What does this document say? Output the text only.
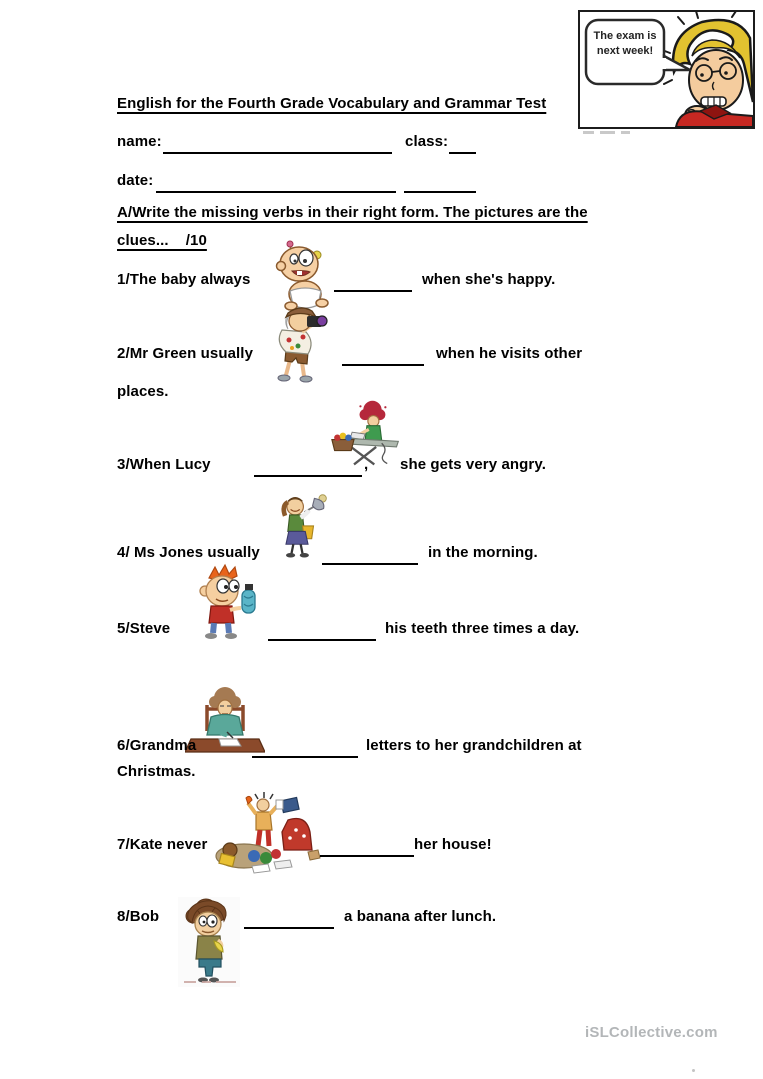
The exam is next week!
English for the Fourth Grade Vocabulary and Grammar Test
name:	class:
date:
A/Write the missing verbs in their right form. The pictures are the
clues...    /10
1/The baby always	when she's happy.
2/Mr Green usually	when he visits other
places.
3/When Lucy	, she gets very angry.
4/ Ms Jones usually	in the morning.
5/Steve	his teeth three times a day.
6/Grandma	letters to her grandchildren at
Christmas.
7/Kate never	her house!
8/Bob	a banana after lunch.
iSLCollective.com
